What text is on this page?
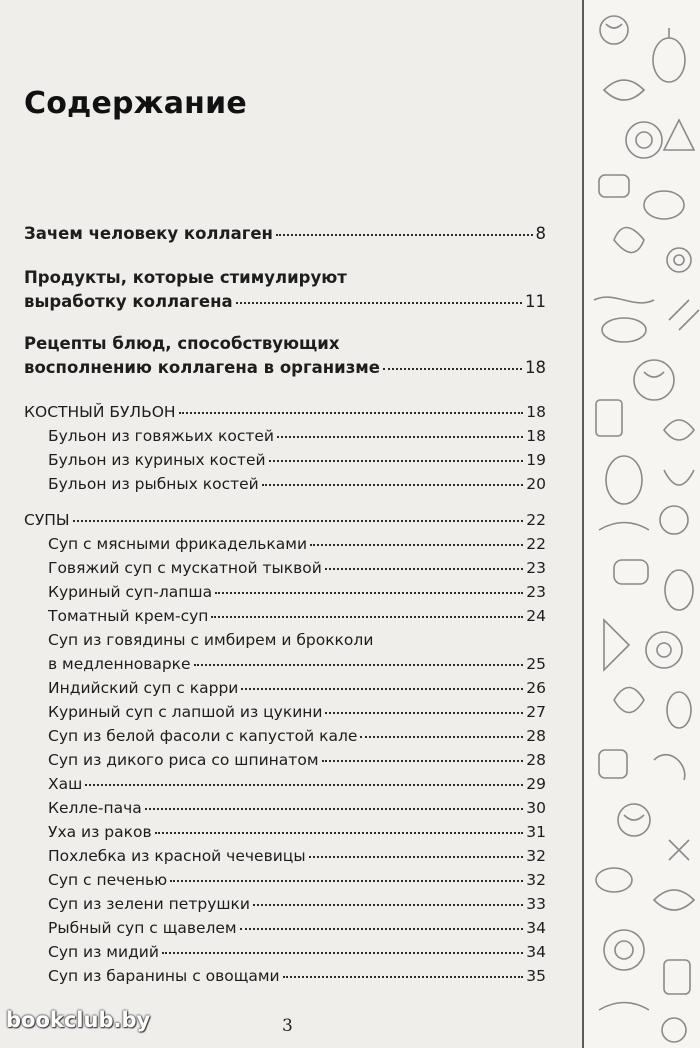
Содержание
Зачем человеку коллаген	8
Продукты, которые стимулируют
выработку коллагена	11
Рецепты блюд, способствующих
восполнению коллагена в организме	18
КОСТНЫЙ БУЛЬОН	18
Бульон из говяжьих костей	18
Бульон из куриных костей	19
Бульон из рыбных костей	20
СУПЫ	22
Суп с мясными фрикадельками	22
Говяжий суп с мускатной тыквой	23
Куриный суп-лапша	23
Томатный крем-суп	24
Суп из говядины с имбирем и брокколи
в медленноварке	25
Индийский суп с карри	26
Куриный суп с лапшой из цукини	27
Суп из белой фасоли с капустой кале	28
Суп из дикого риса со шпинатом	28
Хаш	29
Келле-пача	30
Уха из раков	31
Похлебка из красной чечевицы	32
Суп с печенью	32
Суп из зелени петрушки	33
Рыбный суп с щавелем	34
Суп из мидий	34
Суп из баранины с овощами	35
3
bookclub.by
